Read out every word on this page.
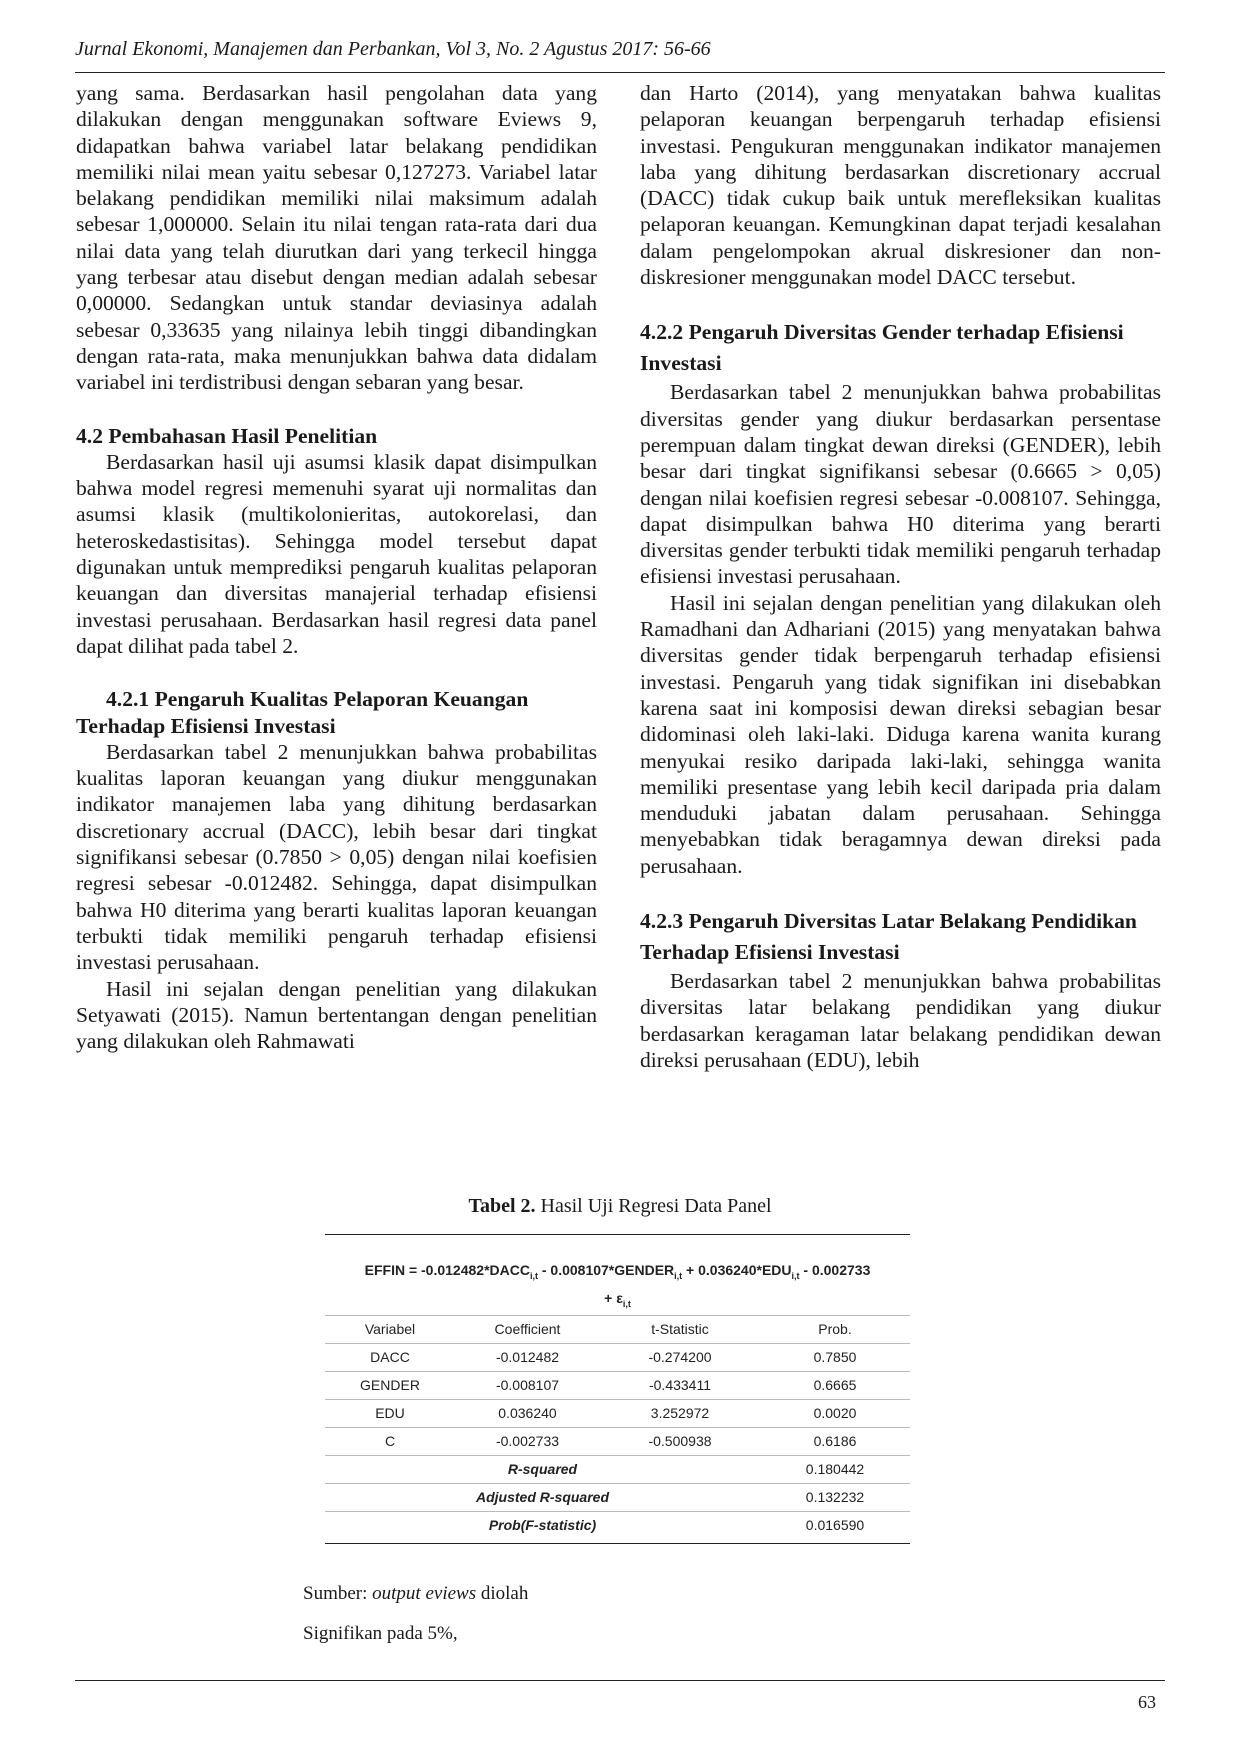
Jurnal Ekonomi, Manajemen dan Perbankan, Vol 3, No. 2 Agustus 2017: 56-66

yang sama. Berdasarkan hasil pengolahan data yang dilakukan dengan menggunakan software Eviews 9, didapatkan bahwa variabel latar belakang pendidikan memiliki nilai mean yaitu sebesar 0,127273. Variabel latar belakang pendidikan memiliki nilai maksimum adalah sebesar 1,000000. Selain itu nilai tengan rata-rata dari dua nilai data yang telah diurutkan dari yang terkecil hingga yang terbesar atau disebut dengan median adalah sebesar 0,00000. Sedangkan untuk standar deviasinya adalah sebesar 0,33635 yang nilainya lebih tinggi dibandingkan dengan rata-rata, maka menunjukkan bahwa data didalam variabel ini terdistribusi dengan sebaran yang besar.

4.2 Pembahasan Hasil Penelitian

Berdasarkan hasil uji asumsi klasik dapat disimpulkan bahwa model regresi memenuhi syarat uji normalitas dan asumsi klasik (multikolonieritas, autokorelasi, dan heteroskedastisitas). Sehingga model tersebut dapat digunakan untuk memprediksi pengaruh kualitas pelaporan keuangan dan diversitas manajerial terhadap efisiensi investasi perusahaan. Berdasarkan hasil regresi data panel dapat dilihat pada tabel 2.

4.2.1 Pengaruh Kualitas Pelaporan Keuangan Terhadap Efisiensi Investasi

Berdasarkan tabel 2 menunjukkan bahwa probabilitas kualitas laporan keuangan yang diukur menggunakan indikator manajemen laba yang dihitung berdasarkan discretionary accrual (DACC), lebih besar dari tingkat signifikansi sebesar (0.7850 > 0,05) dengan nilai koefisien regresi sebesar -0.012482. Sehingga, dapat disimpulkan bahwa H0 diterima yang berarti kualitas laporan keuangan terbukti tidak memiliki pengaruh terhadap efisiensi investasi perusahaan.

Hasil ini sejalan dengan penelitian yang dilakukan Setyawati (2015). Namun bertentangan dengan penelitian yang dilakukan oleh Rahmawati

dan Harto (2014), yang menyatakan bahwa kualitas pelaporan keuangan berpengaruh terhadap efisiensi investasi. Pengukuran menggunakan indikator manajemen laba yang dihitung berdasarkan discretionary accrual (DACC) tidak cukup baik untuk merefleksikan kualitas pelaporan keuangan. Kemungkinan dapat terjadi kesalahan dalam pengelompokan akrual diskresioner dan non-diskresioner menggunakan model DACC tersebut.

4.2.2 Pengaruh Diversitas Gender terhadap Efisiensi Investasi

Berdasarkan tabel 2 menunjukkan bahwa probabilitas diversitas gender yang diukur berdasarkan persentase perempuan dalam tingkat dewan direksi (GENDER), lebih besar dari tingkat signifikansi sebesar (0.6665 > 0,05) dengan nilai koefisien regresi sebesar -0.008107. Sehingga, dapat disimpulkan bahwa H0 diterima yang berarti diversitas gender terbukti tidak memiliki pengaruh terhadap efisiensi investasi perusahaan.

Hasil ini sejalan dengan penelitian yang dilakukan oleh Ramadhani dan Adhariani (2015) yang menyatakan bahwa diversitas gender tidak berpengaruh terhadap efisiensi investasi. Pengaruh yang tidak signifikan ini disebabkan karena saat ini komposisi dewan direksi sebagian besar didominasi oleh laki-laki. Diduga karena wanita kurang menyukai resiko daripada laki-laki, sehingga wanita memiliki presentase yang lebih kecil daripada pria dalam menduduki jabatan dalam perusahaan. Sehingga menyebabkan tidak beragamnya dewan direksi pada perusahaan.

4.2.3 Pengaruh Diversitas Latar Belakang Pendidikan Terhadap Efisiensi Investasi

Berdasarkan tabel 2 menunjukkan bahwa probabilitas diversitas latar belakang pendidikan yang diukur berdasarkan keragaman latar belakang pendidikan dewan direksi perusahaan (EDU), lebih

Tabel 2. Hasil Uji Regresi Data Panel
EFFIN = $-0.012482*DACC_{i,t}$ - $0.008107*GENDER_{i,t} + 0.036240*EDU_{i,t} - 0.002733$
+ $\varepsilon_{i,t}$
Variabel	Coefficient	t-Statistic	Prob.
DACC	-0.012482	-0.274200	0.7850
GENDER	-0.008107	-0.433411	0.6665
EDU	0.036240	3.252972	0.0020
C	-0.002733	-0.500938	0.6186
R-squared			0.180442
Adjusted R-squared			0.132232
Prob(F-statistic)			0.016590
Sumber: output eviews diolah
Signifikan pada 5%,
63
